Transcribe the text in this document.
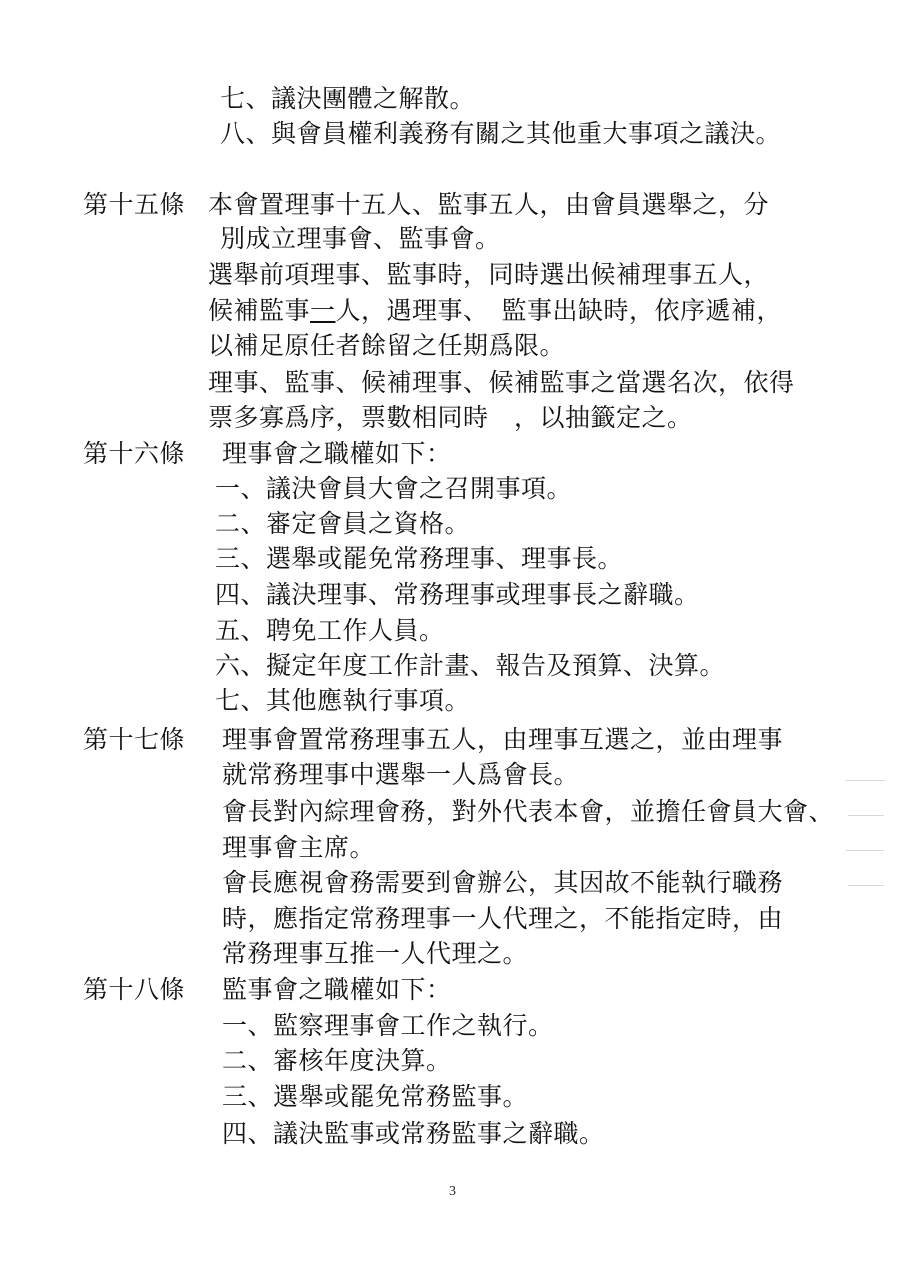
七、議決團體之解散。
八、與會員權利義務有關之其他重大事項之議決。
第十五條 本會置理事十五人、監事五人，由會員選舉之，分
別成立理事會、監事會。
選舉前項理事、監事時，同時選出候補理事五人，
候補監事一人，遇理事、　監事出缺時，依序遞補，
以補足原任者餘留之任期爲限。
理事、監事、候補理事、候補監事之當選名次，依得
票多寡爲序，票數相同時　，以抽籤定之。
第十六條 理事會之職權如下：
一、議決會員大會之召開事項。
二、審定會員之資格。
三、選舉或罷免常務理事、理事長。
四、議決理事、常務理事或理事長之辭職。
五、聘免工作人員。
六、擬定年度工作計畫、報告及預算、決算。
七、其他應執行事項。
第十七條 理事會置常務理事五人，由理事互選之，並由理事
就常務理事中選舉一人爲會長。
會長對內綜理會務，對外代表本會，並擔任會員大會、
理事會主席。
會長應視會務需要到會辦公，其因故不能執行職務
時，應指定常務理事一人代理之，不能指定時，由
常務理事互推一人代理之。
第十八條 監事會之職權如下：
一、監察理事會工作之執行。
二、審核年度決算。
三、選舉或罷免常務監事。
四、議決監事或常務監事之辭職。
3
